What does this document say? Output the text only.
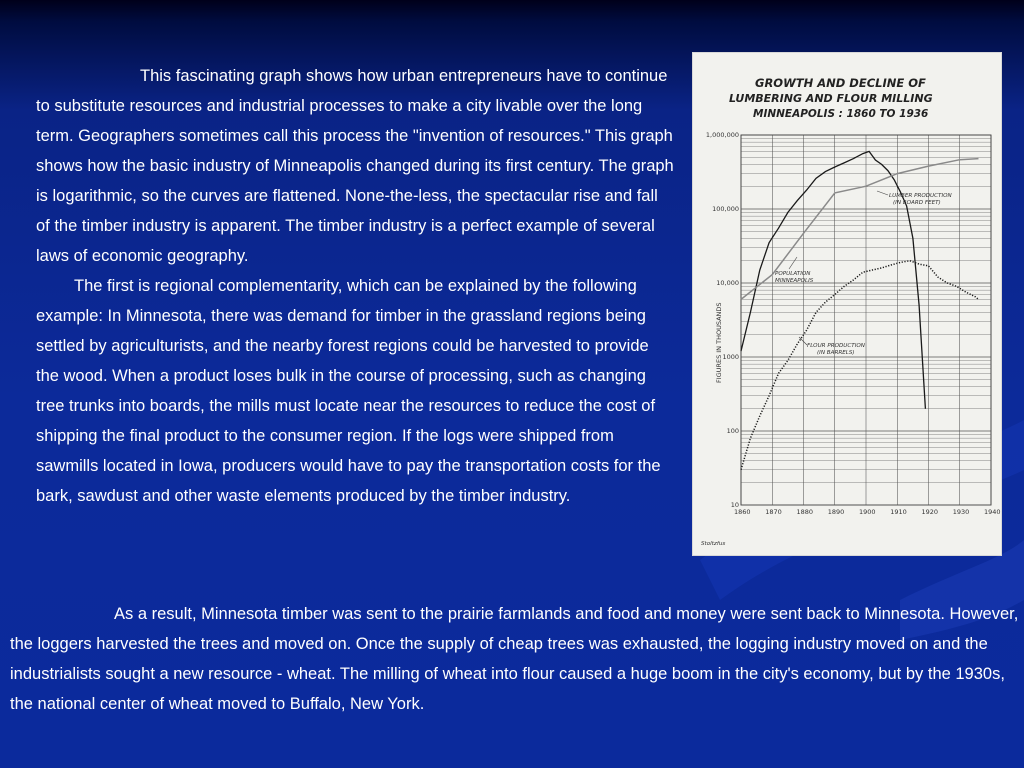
This fascinating graph shows how urban entrepreneurs have to continue to substitute resources and industrial processes to make a city livable over the long term. Geographers sometimes call this process the "invention of resources." This graph shows how the basic industry of Minneapolis changed during its first century. The graph is logarithmic, so the curves are flattened. None-the-less, the spectacular rise and fall of the timber industry is apparent. The timber industry is a perfect example of several laws of economic geography.

The first is regional complementarity, which can be explained by the following example: In Minnesota, there was demand for timber in the grassland regions being settled by agriculturists, and the nearby forest regions could be harvested to provide the wood. When a product loses bulk in the course of processing, such as changing tree trunks into boards, the mills must locate near the resources to reduce the cost of shipping the final product to the consumer region. If the logs were shipped from sawmills located in Iowa, producers would have to pay the transportation costs for the bark, sawdust and other waste elements produced by the timber industry.

GROWTH AND DECLINE OF
LUMBERING AND FLOUR MILLING
MINNEAPOLIS : 1860 TO 1936
1860 1870 1880 1890 1900 1910 1920 1930 1940
1,000,000
100,000
10,000
1000
100
10
FIGURES IN THOUSANDS
LUMBER PRODUCTION
(IN BOARD FEET)
POPULATION
MINNEAPOLIS
FLOUR PRODUCTION
(IN BARRELS)
Stoltzfus

As a result, Minnesota timber was sent to the prairie farmlands and food and money were sent back to Minnesota. However, the loggers harvested the trees and moved on. Once the supply of cheap trees was exhausted, the logging industry moved on and the industrialists sought a new resource - wheat. The milling of wheat into flour caused a huge boom in the city's economy, but by the 1930s, the national center of wheat moved to Buffalo, New York.
